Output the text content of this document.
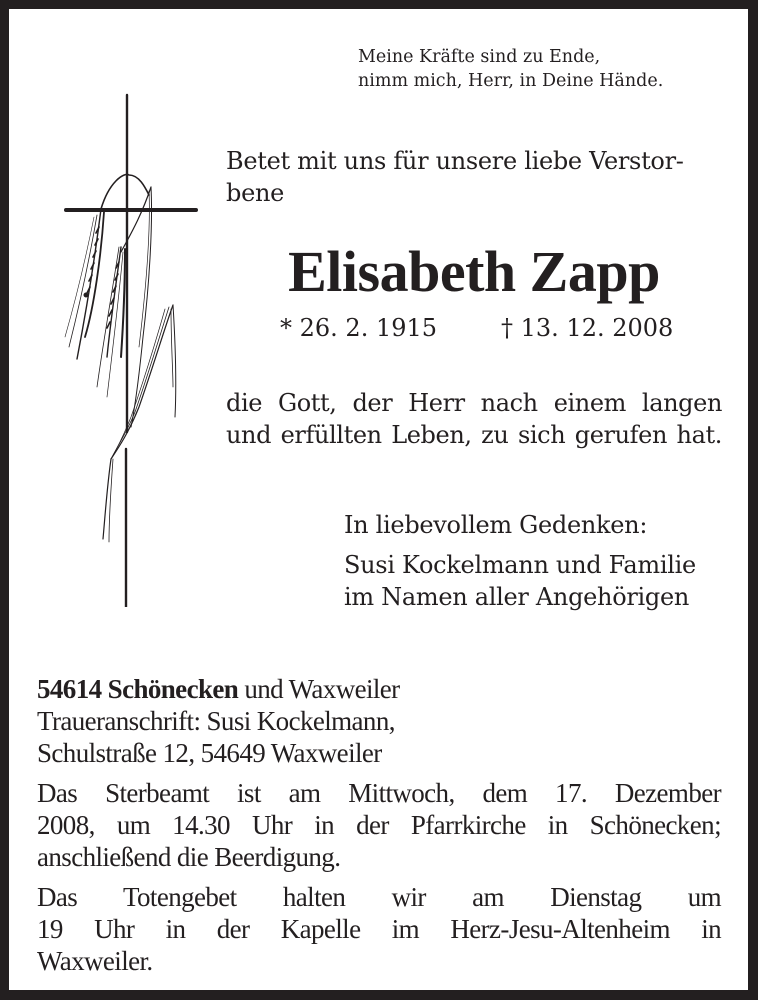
Meine Kräfte sind zu Ende,
nimm mich, Herr, in Deine Hände.
Betet mit uns für unsere liebe Verstor-
bene
Elisabeth Zapp
* 26. 2. 1915	† 13. 12. 2008
die Gott, der Herr nach einem langen
und erfüllten Leben, zu sich gerufen hat.
In liebevollem Gedenken:
Susi Kockelmann und Familie
im Namen aller Angehörigen
54614 Schönecken und Waxweiler
Traueranschrift: Susi Kockelmann,
Schulstraße 12, 54649 Waxweiler
Das Sterbeamt ist am Mittwoch, dem 17. Dezember
2008, um 14.30 Uhr in der Pfarrkirche in Schönecken;
anschließend die Beerdigung.
Das Totengebet halten wir am Dienstag um
19 Uhr in der Kapelle im Herz-Jesu-Altenheim in
Waxweiler.
